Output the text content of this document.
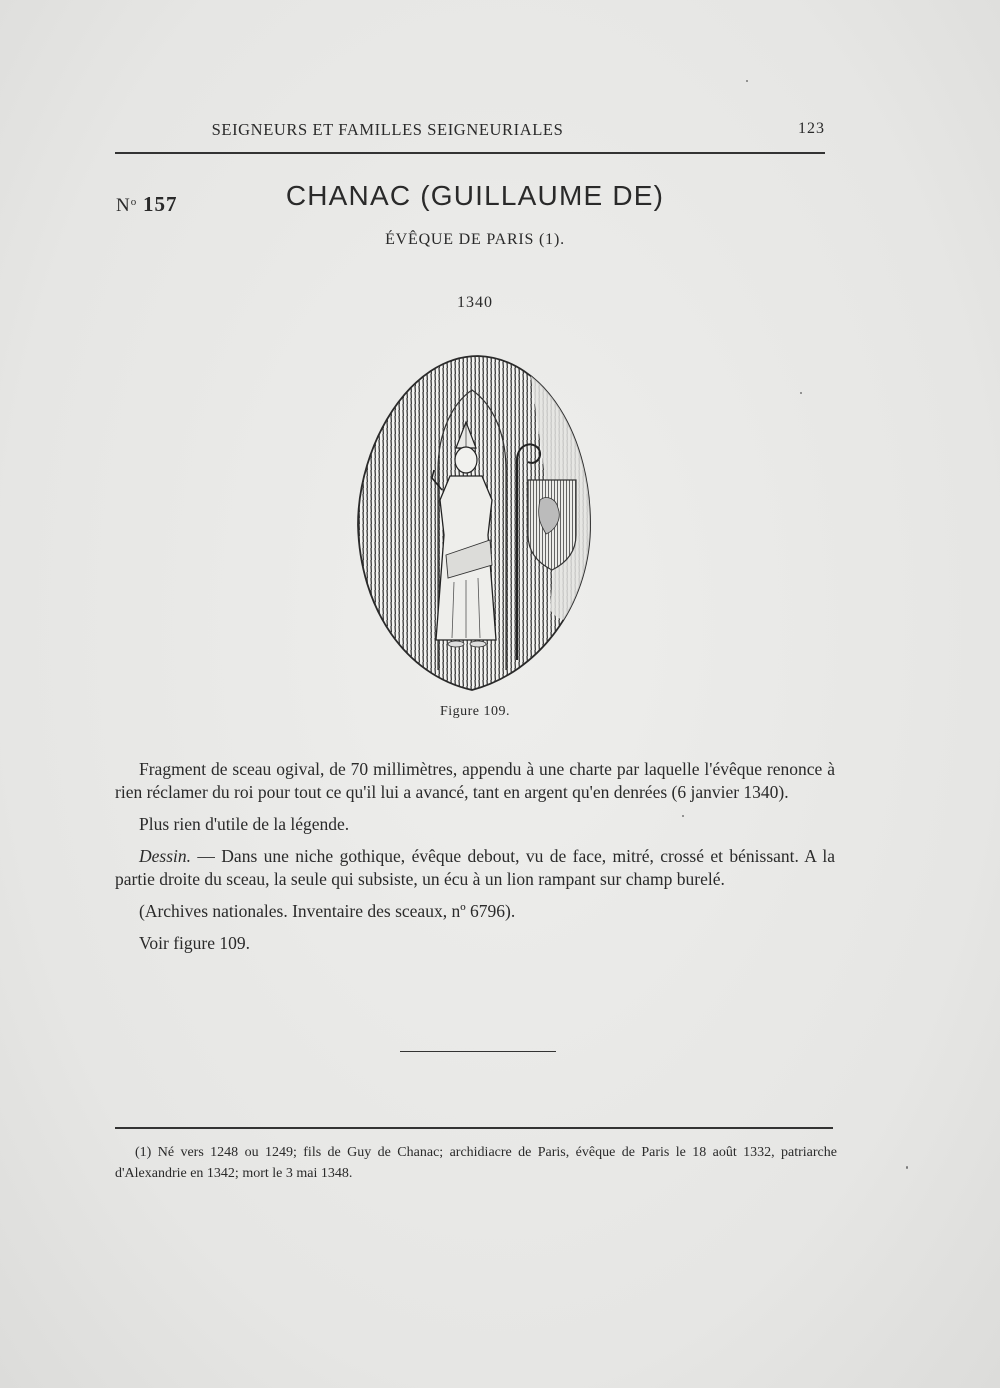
SEIGNEURS ET FAMILLES SEIGNEURIALES	123
$N^o$ 157	CHANAC (GUILLAUME DE)
ÉVÊQUE DE PARIS (1).
1340
Figure 109.

Fragment de sceau ogival, de 70 millimètres, appendu à une charte par laquelle l'évêque renonce à rien réclamer du roi pour tout ce qu'il lui a avancé, tant en argent qu'en denrées (6 janvier 1340).

Plus rien d'utile de la légende.

Dessin. — Dans une niche gothique, évêque debout, vu de face, mitré, crossé et bénissant. A la partie droite du sceau, la seule qui subsiste, un écu à un lion rampant sur champ burelé.

(Archives nationales. Inventaire des sceaux, nº 6796).

Voir figure 109.

(1) Né vers 1248 ou 1249; fils de Guy de Chanac; archidiacre de Paris, évêque de Paris le 18 août 1332, patriarche d'Alexandrie en 1342; mort le 3 mai 1348.
